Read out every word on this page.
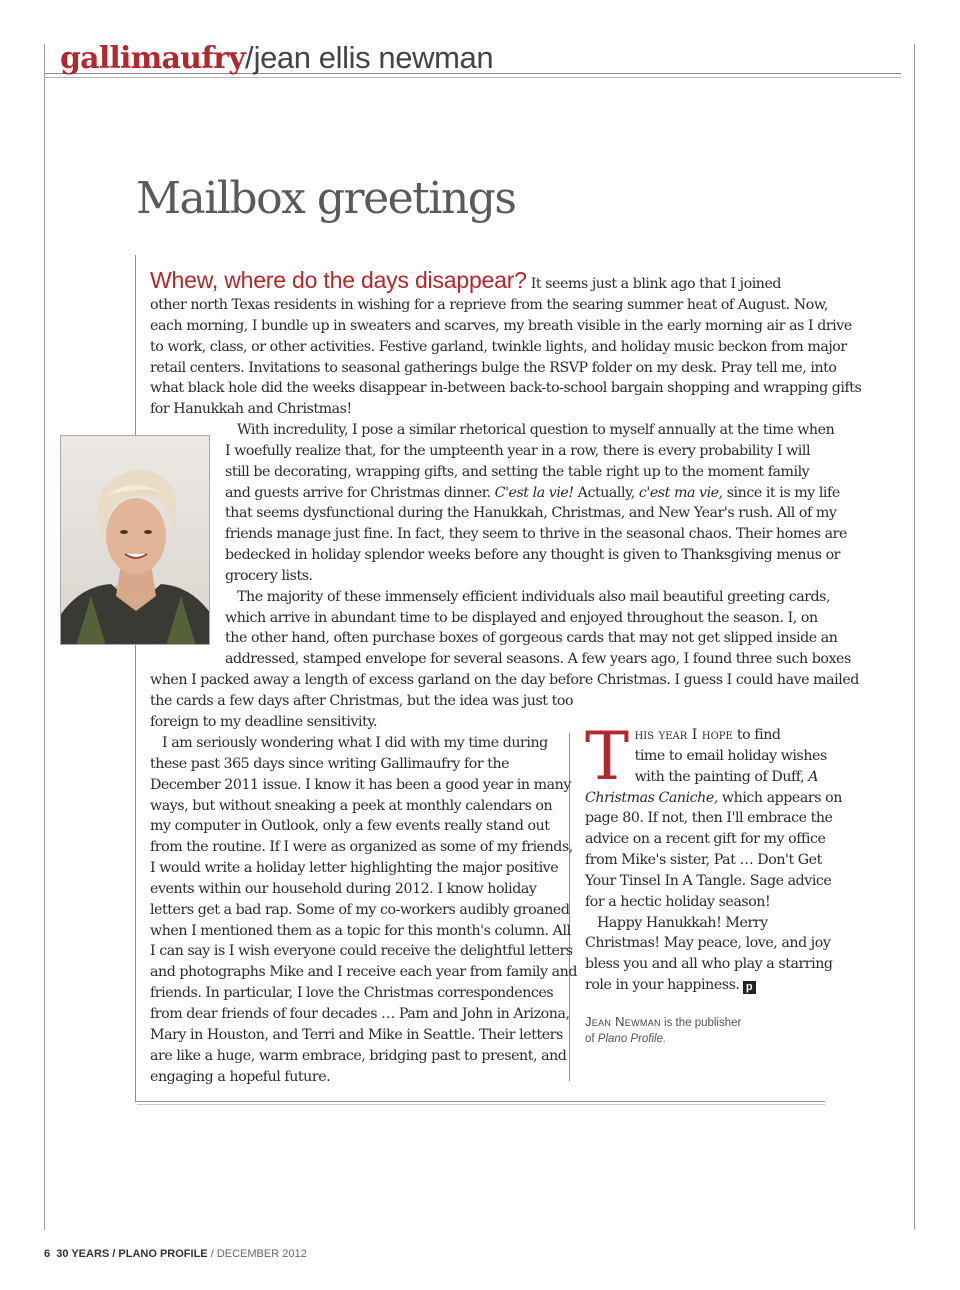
gallimaufry/jean ellis newman
Mailbox greetings
Whew, where do the days disappear? It seems just a blink ago that I joined
other north Texas residents in wishing for a reprieve from the searing summer heat of August. Now,
each morning, I bundle up in sweaters and scarves, my breath visible in the early morning air as I drive
to work, class, or other activities. Festive garland, twinkle lights, and holiday music beckon from major
retail centers. Invitations to seasonal gatherings bulge the RSVP folder on my desk. Pray tell me, into
what black hole did the weeks disappear in-between back-to-school bargain shopping and wrapping gifts
for Hanukkah and Christmas!
With incredulity, I pose a similar rhetorical question to myself annually at the time when
I woefully realize that, for the umpteenth year in a row, there is every probability I will
still be decorating, wrapping gifts, and setting the table right up to the moment family
and guests arrive for Christmas dinner. C'est la vie! Actually, c'est ma vie, since it is my life
that seems dysfunctional during the Hanukkah, Christmas, and New Year's rush. All of my
friends manage just fine. In fact, they seem to thrive in the seasonal chaos. Their homes are
bedecked in holiday splendor weeks before any thought is given to Thanksgiving menus or
grocery lists.
The majority of these immensely efficient individuals also mail beautiful greeting cards,
which arrive in abundant time to be displayed and enjoyed throughout the season. I, on
the other hand, often purchase boxes of gorgeous cards that may not get slipped inside an
addressed, stamped envelope for several seasons. A few years ago, I found three such boxes
when I packed away a length of excess garland on the day before Christmas. I guess I could have mailed
the cards a few days after Christmas, but the idea was just too
foreign to my deadline sensitivity.
I am seriously wondering what I did with my time during
these past 365 days since writing Gallimaufry for the
December 2011 issue. I know it has been a good year in many
ways, but without sneaking a peek at monthly calendars on
my computer in Outlook, only a few events really stand out
from the routine. If I were as organized as some of my friends,
I would write a holiday letter highlighting the major positive
events within our household during 2012. I know holiday
letters get a bad rap. Some of my co-workers audibly groaned
when I mentioned them as a topic for this month's column. All
I can say is I wish everyone could receive the delightful letters
and photographs Mike and I receive each year from family and
friends. In particular, I love the Christmas correspondences
from dear friends of four decades … Pam and John in Arizona,
Mary in Houston, and Terri and Mike in Seattle. Their letters
are like a huge, warm embrace, bridging past to present, and
engaging a hopeful future.
T his year I hope to find
time to email holiday wishes
with the painting of Duff, A
Christmas Caniche, which appears on
page 80. If not, then I'll embrace the
advice on a recent gift for my office
from Mike's sister, Pat … Don't Get
Your Tinsel In A Tangle. Sage advice
for a hectic holiday season!
Happy Hanukkah! Merry
Christmas! May peace, love, and joy
bless you and all who play a starring
role in your happiness. p
Jean Newman is the publisher
of Plano Profile.
6 30 YEARS / PLANO PROFILE / DECEMBER 2012
